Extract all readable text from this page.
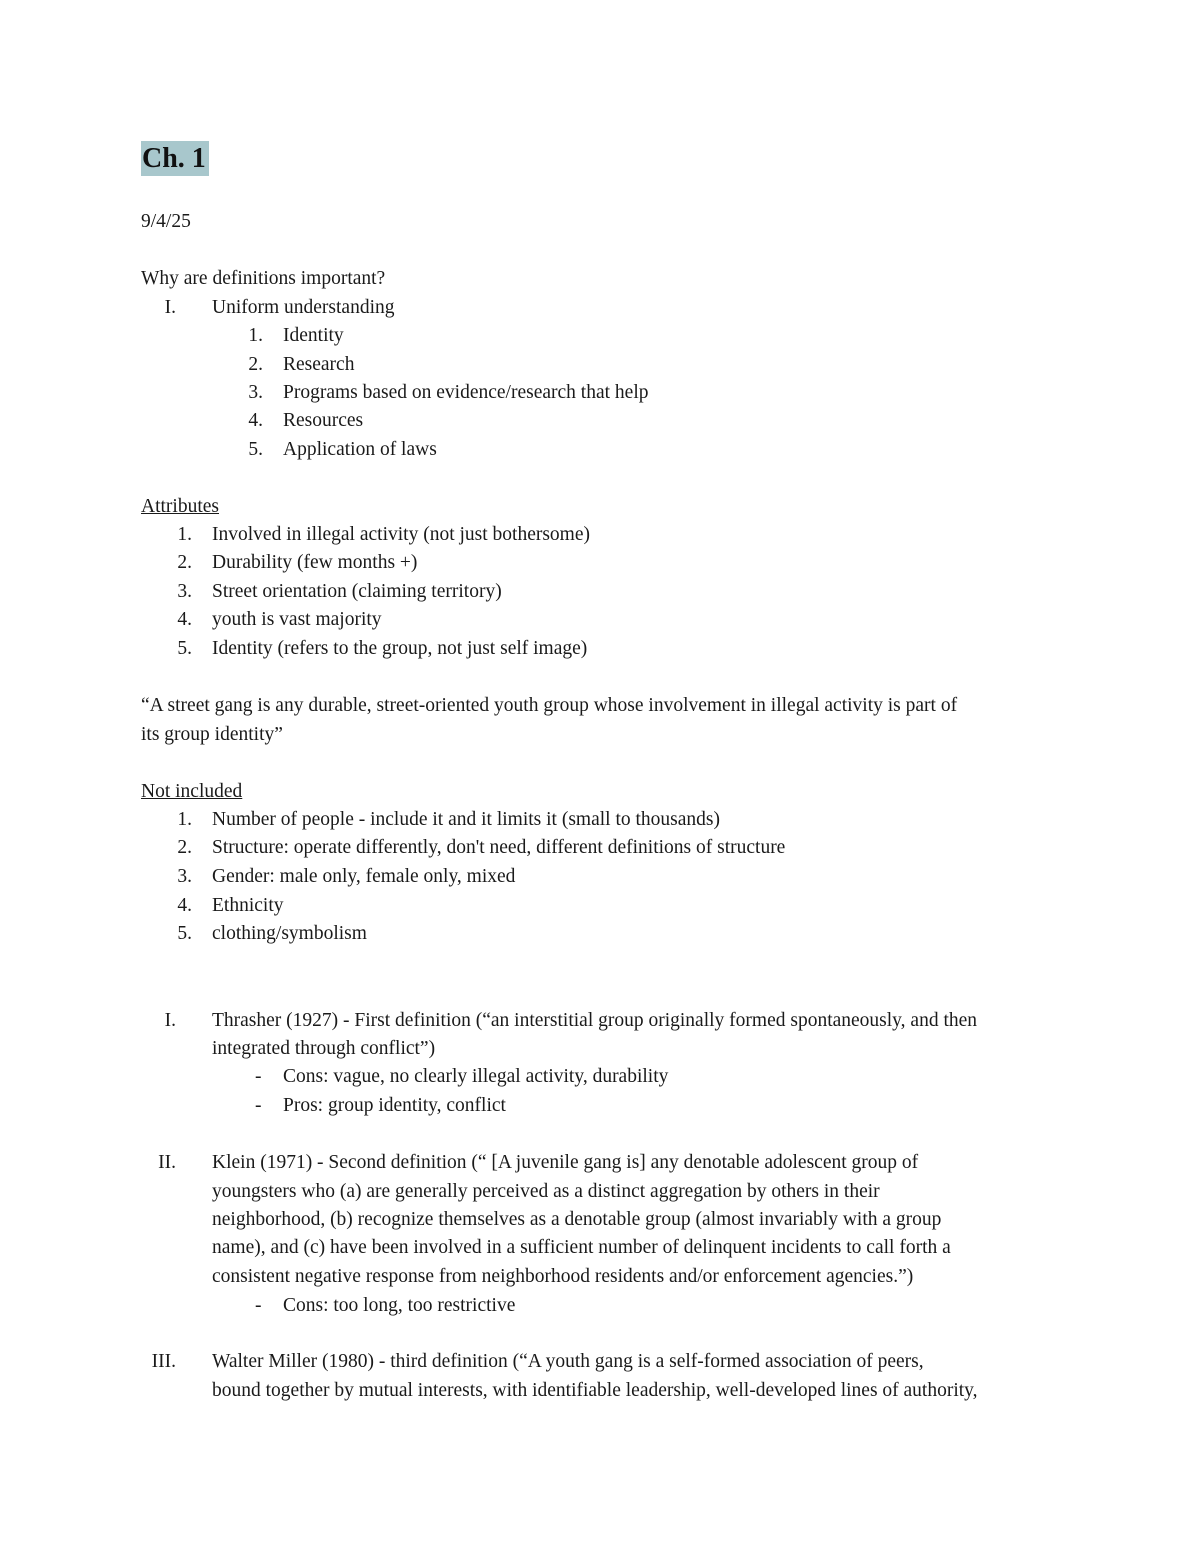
Ch. 1
9/4/25
Why are definitions important?
I. Uniform understanding
1. Identity
2. Research
3. Programs based on evidence/research that help
4. Resources
5. Application of laws
Attributes
1. Involved in illegal activity (not just bothersome)
2. Durability (few months +)
3. Street orientation (claiming territory)
4. youth is vast majority
5. Identity (refers to the group, not just self image)
“A street gang is any durable, street-oriented youth group whose involvement in illegal activity is part of
its group identity”
Not included
1. Number of people - include it and it limits it (small to thousands)
2. Structure: operate differently, don't need, different definitions of structure
3. Gender: male only, female only, mixed
4. Ethnicity
5. clothing/symbolism
I. Thrasher (1927) - First definition (“an interstitial group originally formed spontaneously, and then
integrated through conflict”)
- Cons: vague, no clearly illegal activity, durability
- Pros: group identity, conflict
II. Klein (1971) - Second definition (“ [A juvenile gang is] any denotable adolescent group of
youngsters who (a) are generally perceived as a distinct aggregation by others in their
neighborhood, (b) recognize themselves as a denotable group (almost invariably with a group
name), and (c) have been involved in a sufficient number of delinquent incidents to call forth a
consistent negative response from neighborhood residents and/or enforcement agencies.”)
- Cons: too long, too restrictive
III. Walter Miller (1980) - third definition (“A youth gang is a self-formed association of peers,
bound together by mutual interests, with identifiable leadership, well-developed lines of authority,
